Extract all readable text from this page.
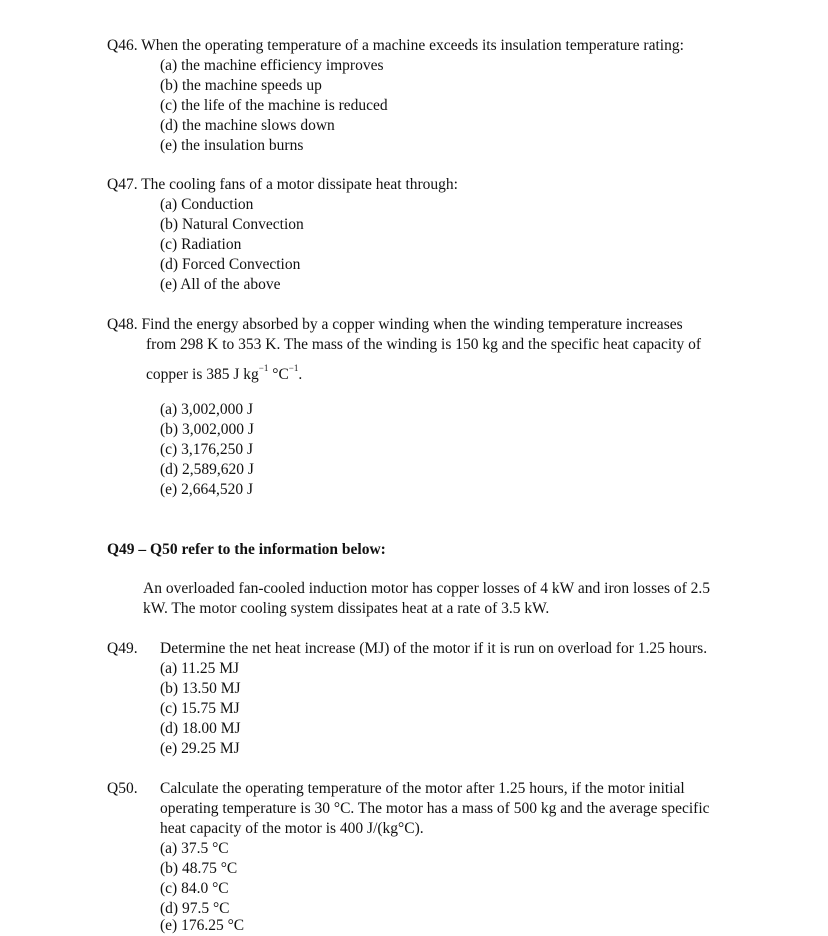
Q46. When the operating temperature of a machine exceeds its insulation temperature rating:
(a) the machine efficiency improves
(b) the machine speeds up
(c) the life of the machine is reduced
(d) the machine slows down
(e) the insulation burns
Q47. The cooling fans of a motor dissipate heat through:
(a) Conduction
(b) Natural Convection
(c) Radiation
(d) Forced Convection
(e) All of the above
Q48. Find the energy absorbed by a copper winding when the winding temperature increases
from 298 K to 353 K. The mass of the winding is 150 kg and the specific heat capacity of
copper is 385 J $kg^{-1}$ $^\circ C^{-1}$.
(a) 3,002,000 J
(b) 3,002,000 J
(c) 3,176,250 J
(d) 2,589,620 J
(e) 2,664,520 J
Q49 – Q50 refer to the information below:
An overloaded fan-cooled induction motor has copper losses of 4 kW and iron losses of 2.5
kW. The motor cooling system dissipates heat at a rate of 3.5 kW.
Q49. Determine the net heat increase (MJ) of the motor if it is run on overload for 1.25 hours.
(a) 11.25 MJ
(b) 13.50 MJ
(c) 15.75 MJ
(d) 18.00 MJ
(e) 29.25 MJ
Q50. Calculate the operating temperature of the motor after 1.25 hours, if the motor initial
operating temperature is 30 °C. The motor has a mass of 500 kg and the average specific
heat capacity of the motor is 400 J/(kg°C).
(a) 37.5 °C
(b) 48.75 °C
(c) 84.0 °C
(d) 97.5 °C
(e) 176.25 °C
